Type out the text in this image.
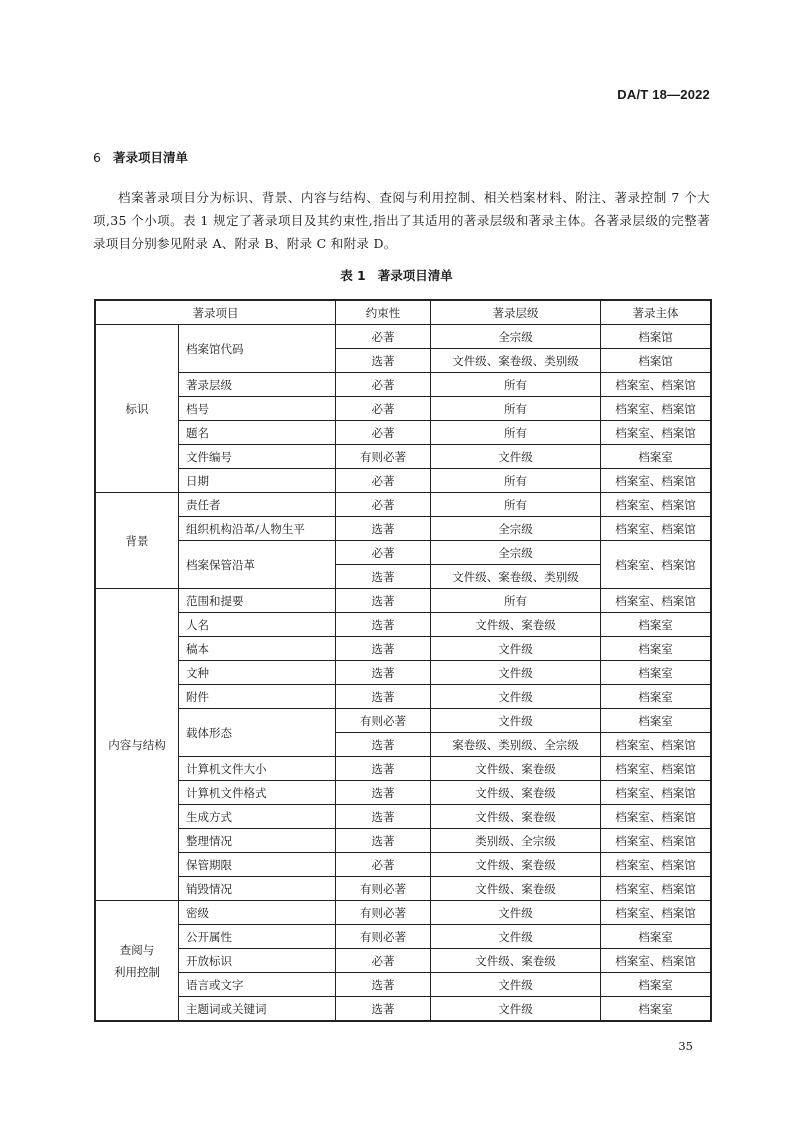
DA/T 18—2022
6 著录项目清单
档案著录项目分为标识、背景、内容与结构、查阅与利用控制、相关档案材料、附注、著录控制 7 个大项,35 个小项。表 1 规定了著录项目及其约束性,指出了其适用的著录层级和著录主体。各著录层级的完整著录项目分别参见附录 A、附录 B、附录 C 和附录 D。
表 1 著录项目清单
著录项目		约束性	著录层级	著录主体
标识	档案馆代码	必著	全宗级	档案馆
		选著	文件级、案卷级、类别级	档案馆
	著录层级	必著	所有	档案室、档案馆
	档号	必著	所有	档案室、档案馆
	题名	必著	所有	档案室、档案馆
	文件编号	有则必著	文件级	档案室
	日期	必著	所有	档案室、档案馆
背景	责任者	必著	所有	档案室、档案馆
	组织机构沿革/人物生平	选著	全宗级	档案室、档案馆
	档案保管沿革	必著	全宗级	档案室、档案馆
		选著	文件级、案卷级、类别级	
内容与结构	范围和提要	选著	所有	档案室、档案馆
	人名	选著	文件级、案卷级	档案室
	稿本	选著	文件级	档案室
	文种	选著	文件级	档案室
	附件	选著	文件级	档案室
	载体形态	有则必著	文件级	档案室
		选著	案卷级、类别级、全宗级	档案室、档案馆
	计算机文件大小	选著	文件级、案卷级	档案室、档案馆
	计算机文件格式	选著	文件级、案卷级	档案室、档案馆
	生成方式	选著	文件级、案卷级	档案室、档案馆
	整理情况	选著	类别级、全宗级	档案室、档案馆
	保管期限	必著	文件级、案卷级	档案室、档案馆
	销毁情况	有则必著	文件级、案卷级	档案室、档案馆

查阅与
利用控制	密级	有则必著	文件级	档案室、档案馆
	公开属性	有则必著	文件级	档案室
	开放标识	必著	文件级、案卷级	档案室、档案馆
	语言或文字	选著	文件级	档案室
	主题词或关键词	选著	文件级	档案室
35
